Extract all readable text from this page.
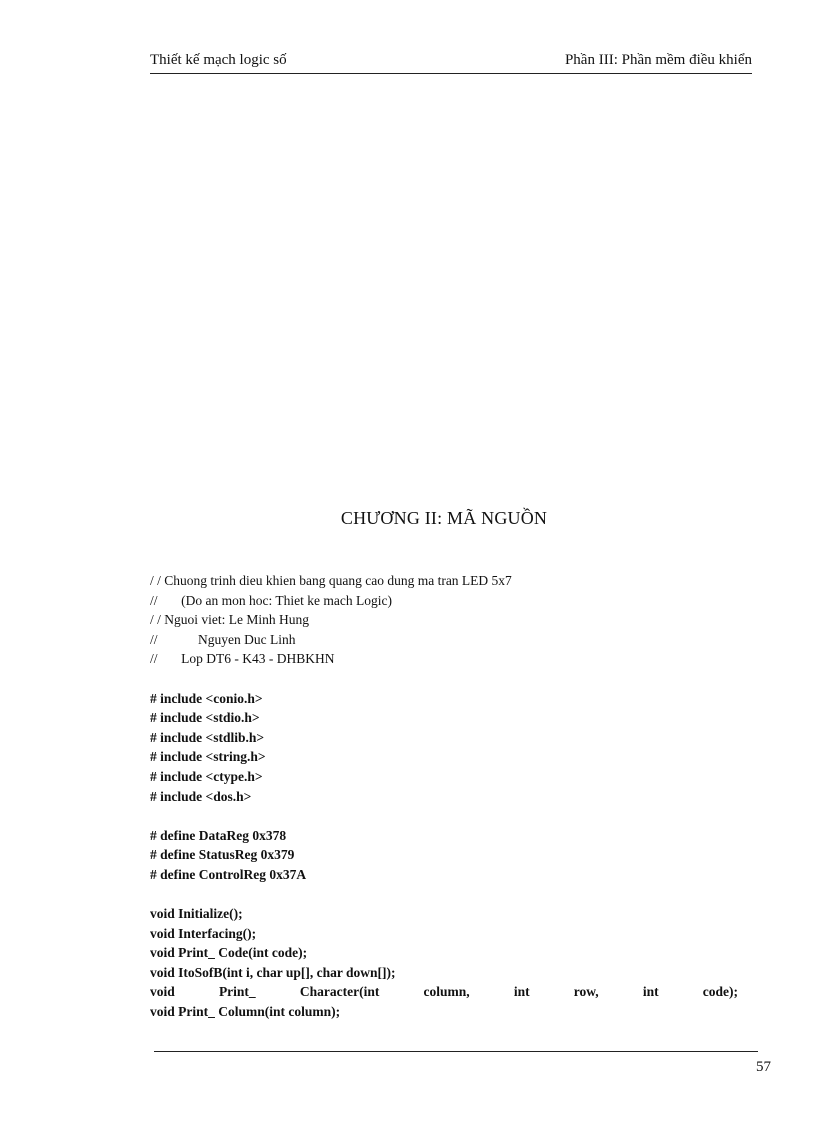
Thiết kế mạch logic số	Phần III: Phần mềm điều khiển
CHƯƠNG II: MÃ NGUỒN
/ / Chuong trinh dieu khien bang quang cao dung ma tran LED 5x7
//       (Do an mon hoc: Thiet ke mach Logic)
/ / Nguoi viet: Le Minh Hung
//            Nguyen Duc Linh
//       Lop DT6 - K43 - DHBKHN
# include <conio.h>
# include <stdio.h>
# include <stdlib.h>
# include <string.h>
# include <ctype.h>
# include <dos.h>
# define DataReg 0x378
# define StatusReg 0x379
# define ControlReg 0x37A
void Initialize();
void Interfacing();
void Print_ Code(int code);
void ItoSofB(int i, char up[], char down[]);
void	Print_	Character(int	column,	int	row,	int	code);
void Print_ Column(int column);
57
